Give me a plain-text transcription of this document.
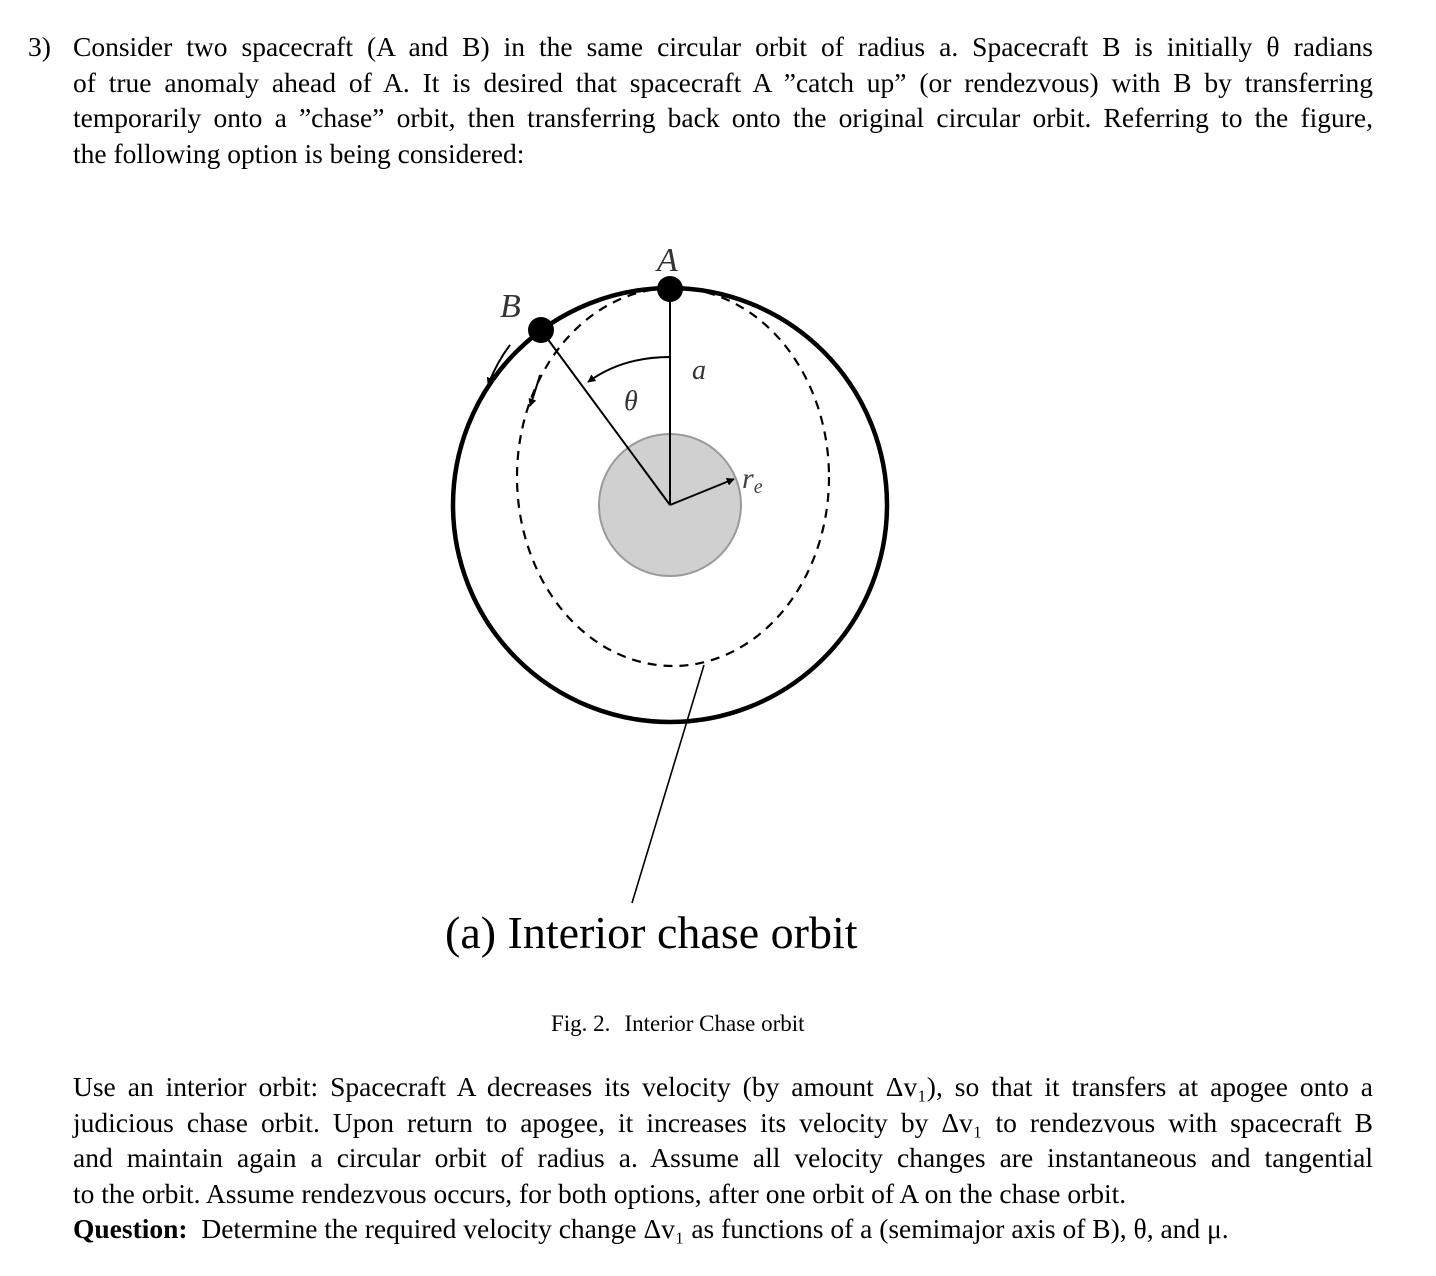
3) Consider two spacecraft (A and B) in the same circular orbit of radius a. Spacecraft B is initially θ radians
of true anomaly ahead of A. It is desired that spacecraft A ”catch up” (or rendezvous) with B by transferring
temporarily onto a ”chase” orbit, then transferring back onto the original circular orbit. Referring to the figure,
the following option is being considered:
A
B
a
θ
re
(a) Interior chase orbit
Fig. 2. Interior Chase orbit
Use an interior orbit: Spacecraft A decreases its velocity (by amount Δv₁), so that it transfers at apogee onto a
judicious chase orbit. Upon return to apogee, it increases its velocity by Δv₁ to rendezvous with spacecraft B
and maintain again a circular orbit of radius a. Assume all velocity changes are instantaneous and tangential
to the orbit. Assume rendezvous occurs, for both options, after one orbit of A on the chase orbit.
Question: Determine the required velocity change Δv₁ as functions of a (semimajor axis of B), θ, and μ.
